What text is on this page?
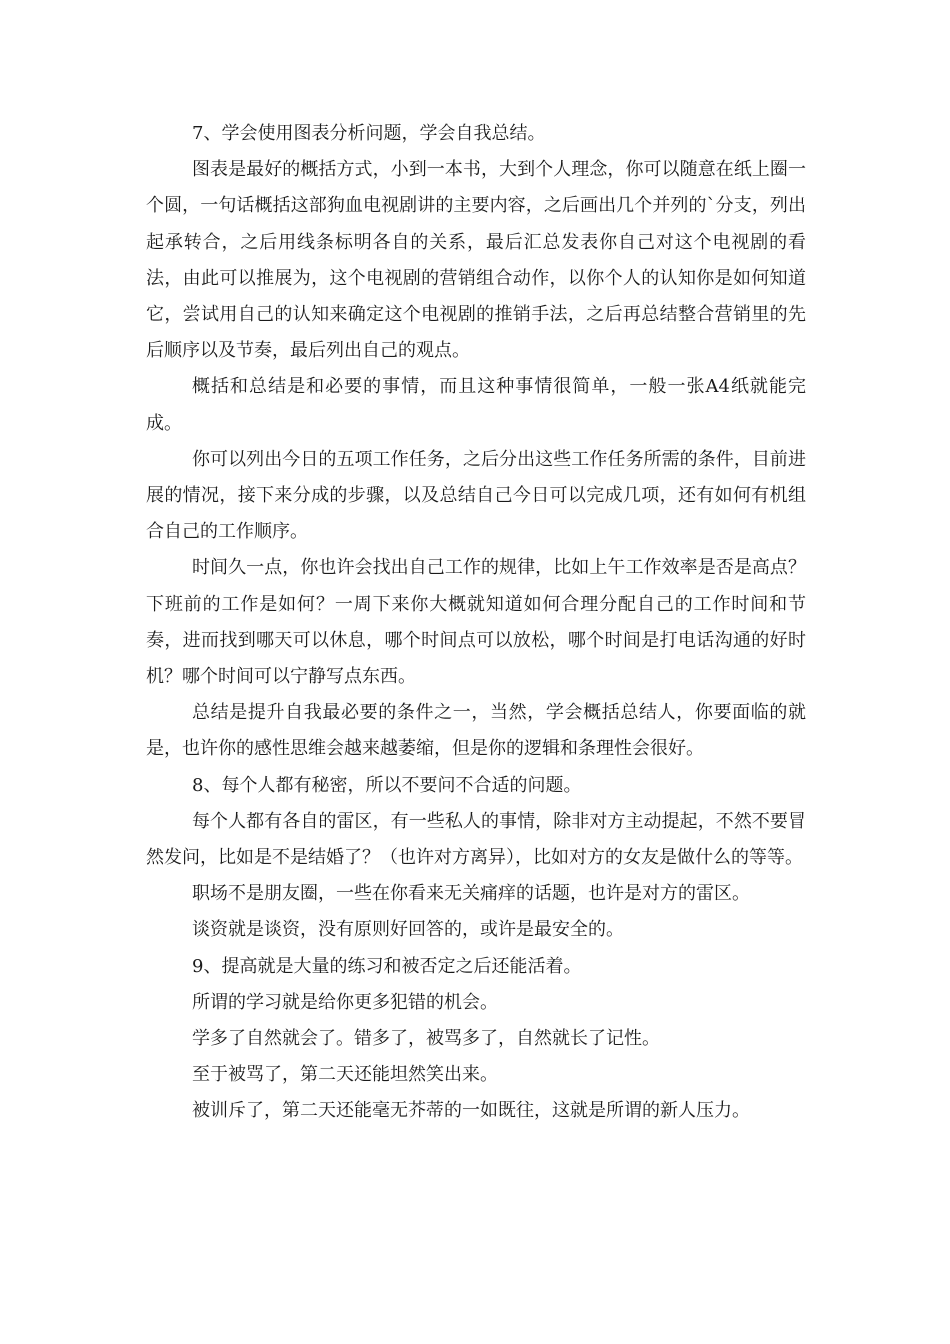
7、学会使用图表分析问题，学会自我总结。

图表是最好的概括方式，小到一本书，大到个人理念，你可以随意在纸上圈一个圆，一句话概括这部狗血电视剧讲的主要内容，之后画出几个并列的`分支，列出起承转合，之后用线条标明各自的关系，最后汇总发表你自己对这个电视剧的看法，由此可以推展为，这个电视剧的营销组合动作，以你个人的认知你是如何知道它，尝试用自己的认知来确定这个电视剧的推销手法，之后再总结整合营销里的先后顺序以及节奏，最后列出自己的观点。

概括和总结是和必要的事情，而且这种事情很简单，一般一张A4纸就能完成。

你可以列出今日的五项工作任务，之后分出这些工作任务所需的条件，目前进展的情况，接下来分成的步骤，以及总结自己今日可以完成几项，还有如何有机组合自己的工作顺序。

时间久一点，你也许会找出自己工作的规律，比如上午工作效率是否是高点？下班前的工作是如何？一周下来你大概就知道如何合理分配自己的工作时间和节奏，进而找到哪天可以休息，哪个时间点可以放松，哪个时间是打电话沟通的好时机？哪个时间可以宁静写点东西。

总结是提升自我最必要的条件之一，当然，学会概括总结人，你要面临的就是，也许你的感性思维会越来越萎缩，但是你的逻辑和条理性会很好。

8、每个人都有秘密，所以不要问不合适的问题。

每个人都有各自的雷区，有一些私人的事情，除非对方主动提起，不然不要冒然发问，比如是不是结婚了？（也许对方离异），比如对方的女友是做什么的等等。

职场不是朋友圈，一些在你看来无关痛痒的话题，也许是对方的雷区。

谈资就是谈资，没有原则好回答的，或许是最安全的。

9、提高就是大量的练习和被否定之后还能活着。

所谓的学习就是给你更多犯错的机会。

学多了自然就会了。错多了，被骂多了，自然就长了记性。

至于被骂了，第二天还能坦然笑出来。

被训斥了，第二天还能毫无芥蒂的一如既往，这就是所谓的新人压力。
